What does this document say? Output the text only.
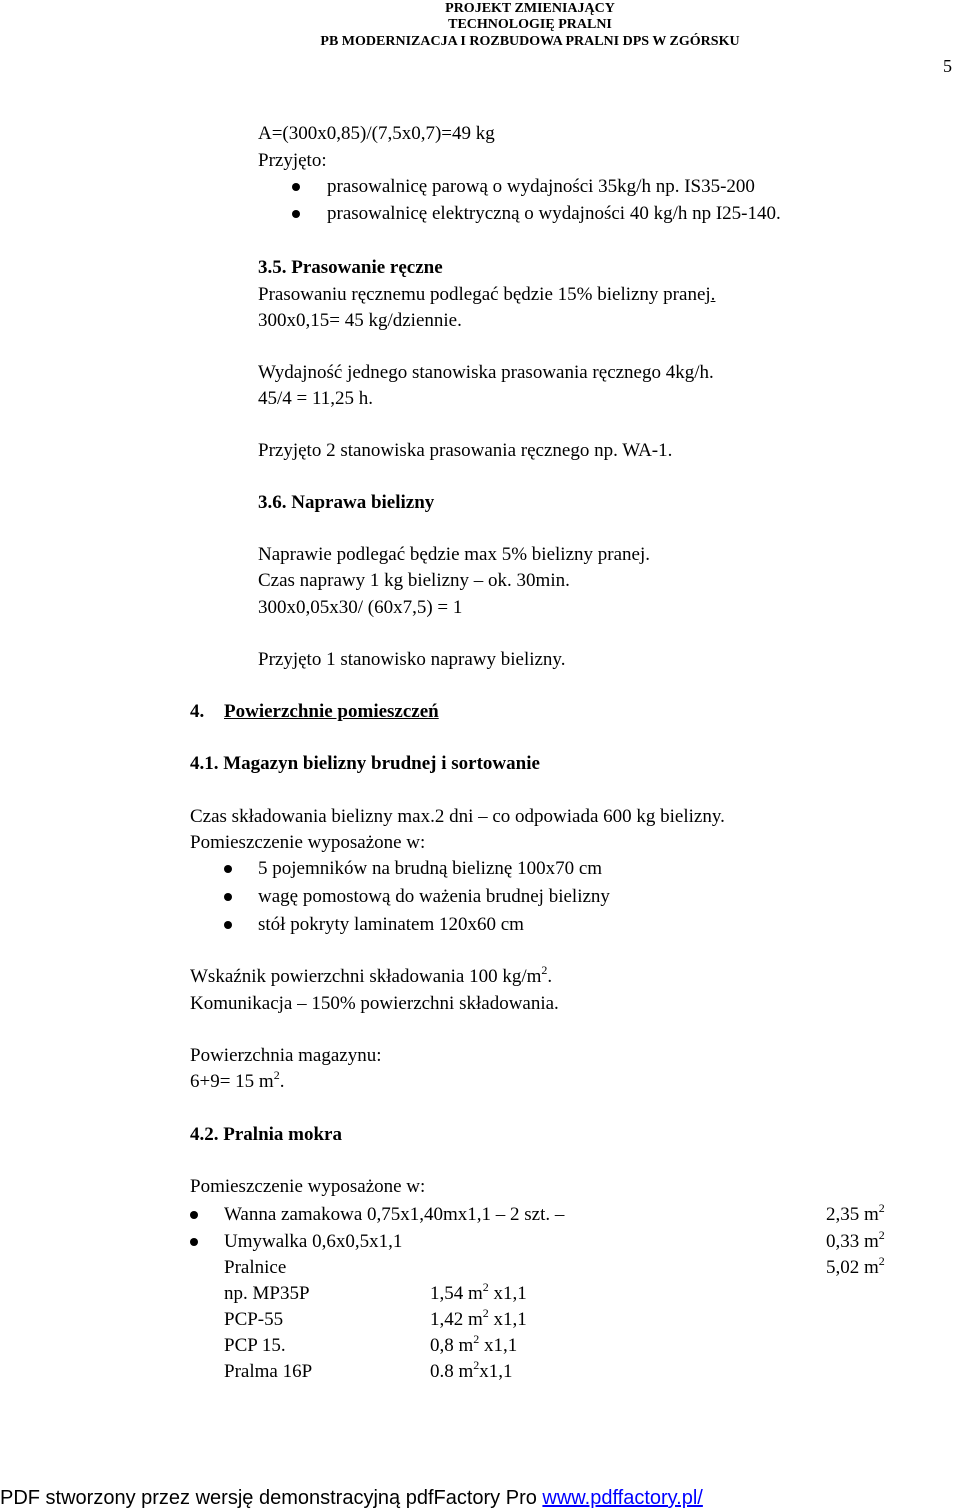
PROJEKT ZMIENIAJĄCY
TECHNOLOGIĘ PRALNI
PB MODERNIZACJA I ROZBUDOWA PRALNI DPS W ZGÓRSKU
5
A=(300x0,85)/(7,5x0,7)=49 kg
Przyjęto:
prasowalnicę parową o wydajności 35kg/h np. IS35-200
prasowalnicę elektryczną o wydajności 40 kg/h np I25-140.
3.5. Prasowanie ręczne
Prasowaniu ręcznemu podlegać będzie 15% bielizny pranej.
300x0,15= 45 kg/dziennie.
Wydajność jednego stanowiska prasowania ręcznego 4kg/h.
45/4 = 11,25 h.
Przyjęto 2 stanowiska prasowania ręcznego np. WA-1.
3.6. Naprawa bielizny
Naprawie podlegać będzie max 5% bielizny pranej.
Czas naprawy 1 kg bielizny – ok. 30min.
300x0,05x30/ (60x7,5) = 1
Przyjęto 1 stanowisko naprawy bielizny.
4. Powierzchnie pomieszczeń
4.1. Magazyn bielizny brudnej i sortowanie
Czas składowania bielizny max.2 dni – co odpowiada 600 kg bielizny.
Pomieszczenie wyposażone w:
5 pojemników na brudną bieliznę 100x70 cm
wagę pomostową do ważenia brudnej bielizny
stół pokryty laminatem 120x60 cm
Wskaźnik powierzchni składowania 100 $kg/m^2$.
Komunikacja – 150% powierzchni składowania.
Powierzchnia magazynu:
6+9= 15 $m^2$.
4.2. Pralnia mokra
Pomieszczenie wyposażone w:
Wanna zamakowa 0,75x1,40mx1,1 – 2 szt. –	2,35 $m^2$
Umywalka 0,6x0,5x1,1	0,33 $m^2$
Pralnice	5,02 $m^2$
np. MP35P	1,54 $m^2$ x1,1
PCP-55	1,42 $m^2$ x1,1
PCP 15.	0,8 $m^2$ x1,1
Pralma 16P	0.8 $m^2x1,1$
PDF stworzony przez wersję demonstracyjną pdfFactory Pro www.pdffactory.pl/
